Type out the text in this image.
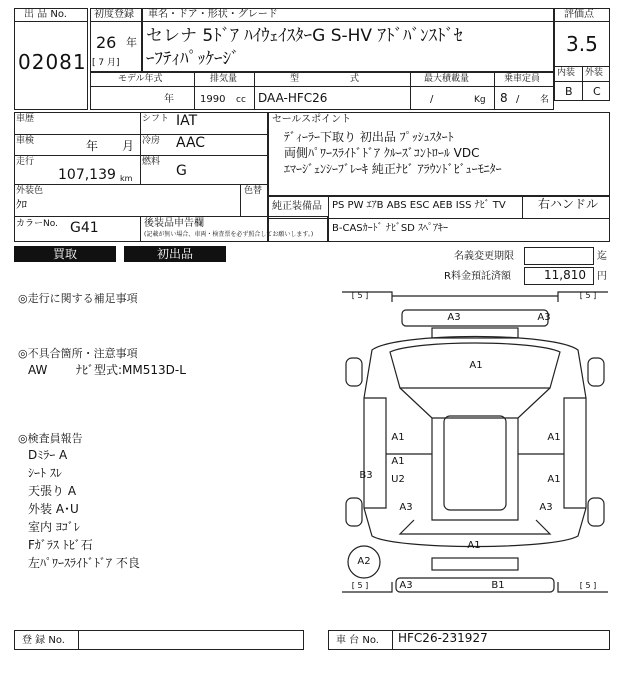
出 品 No.
02081
初度登録
26 年
[ 7 月]
車名・ドア・形状・グレード
セレナ 5ﾄﾞｱ ﾊｲｳｪｲｽﾀｰG S-HV ｱﾄﾞﾊﾞﾝｽﾄﾞｾ
ｰﾌﾃｨﾊﾟｯｹｰｼﾞ
評価点
3.5
内装 外装
B C
モデル年式
年
排気量
1990 cc
型	式
DAA-HFC26
最大積載量
/	Kg
乗車定員
8 / 名
車歴
車検	年 月
走行
107,139 km
シフト IAT
冷房 AAC
燃料
G
外装色
ｸﾛ
色替
カラーNo. G41	後装品申告欄
(記載が無い場合、車両・検査票を必ず照合してお願いします。)
セールスポイント
ﾃﾞｨｰﾗｰ下取り 初出品 ﾌﾟｯｼｭｽﾀｰﾄ
両側ﾊﾟﾜｰｽﾗｲﾄﾞﾄﾞｱ ｸﾙｰｽﾞｺﾝﾄﾛｰﾙ VDC
ｴﾏｰｼﾞｪﾝｼｰﾌﾞﾚｰｷ 純正ﾅﾋﾞ ｱﾗｳﾝﾄﾞﾋﾞｭｰﾓﾆﾀｰ
純正装備品 PS PW ｴｱB ABS ESC AEB ISS ﾅﾋﾞ TV	右ハンドル
B-CASｶｰﾄﾞ ﾅﾋﾞSD ｽﾍﾟｱｷｰ
買取	初出品	名義変更期限	迄
R料金預託済額	11,810 円
◎走行に関する補足事項
◎不具合箇所・注意事項
AW ﾅﾋﾞ型式:MM513D-L
◎検査員報告
Dﾐﾗｰ A
ｼｰﾄ ｽﾚ
天張り A
外装 A･U
室内 ﾖｺﾞﾚ
Fｶﾞﾗｽ ﾄﾋﾞ石
左ﾊﾟﾜｰｽﾗｲﾄﾞﾄﾞｱ 不良
[ 5 ]	[ 5 ]
[ 5 ]	[ 5 ]
A3	A3
A1
A1	A1
A1
U2
B3	A1
A3	A3
A1
A2
A3	B1
登 録 No.	車 台 No. HFC26-231927
